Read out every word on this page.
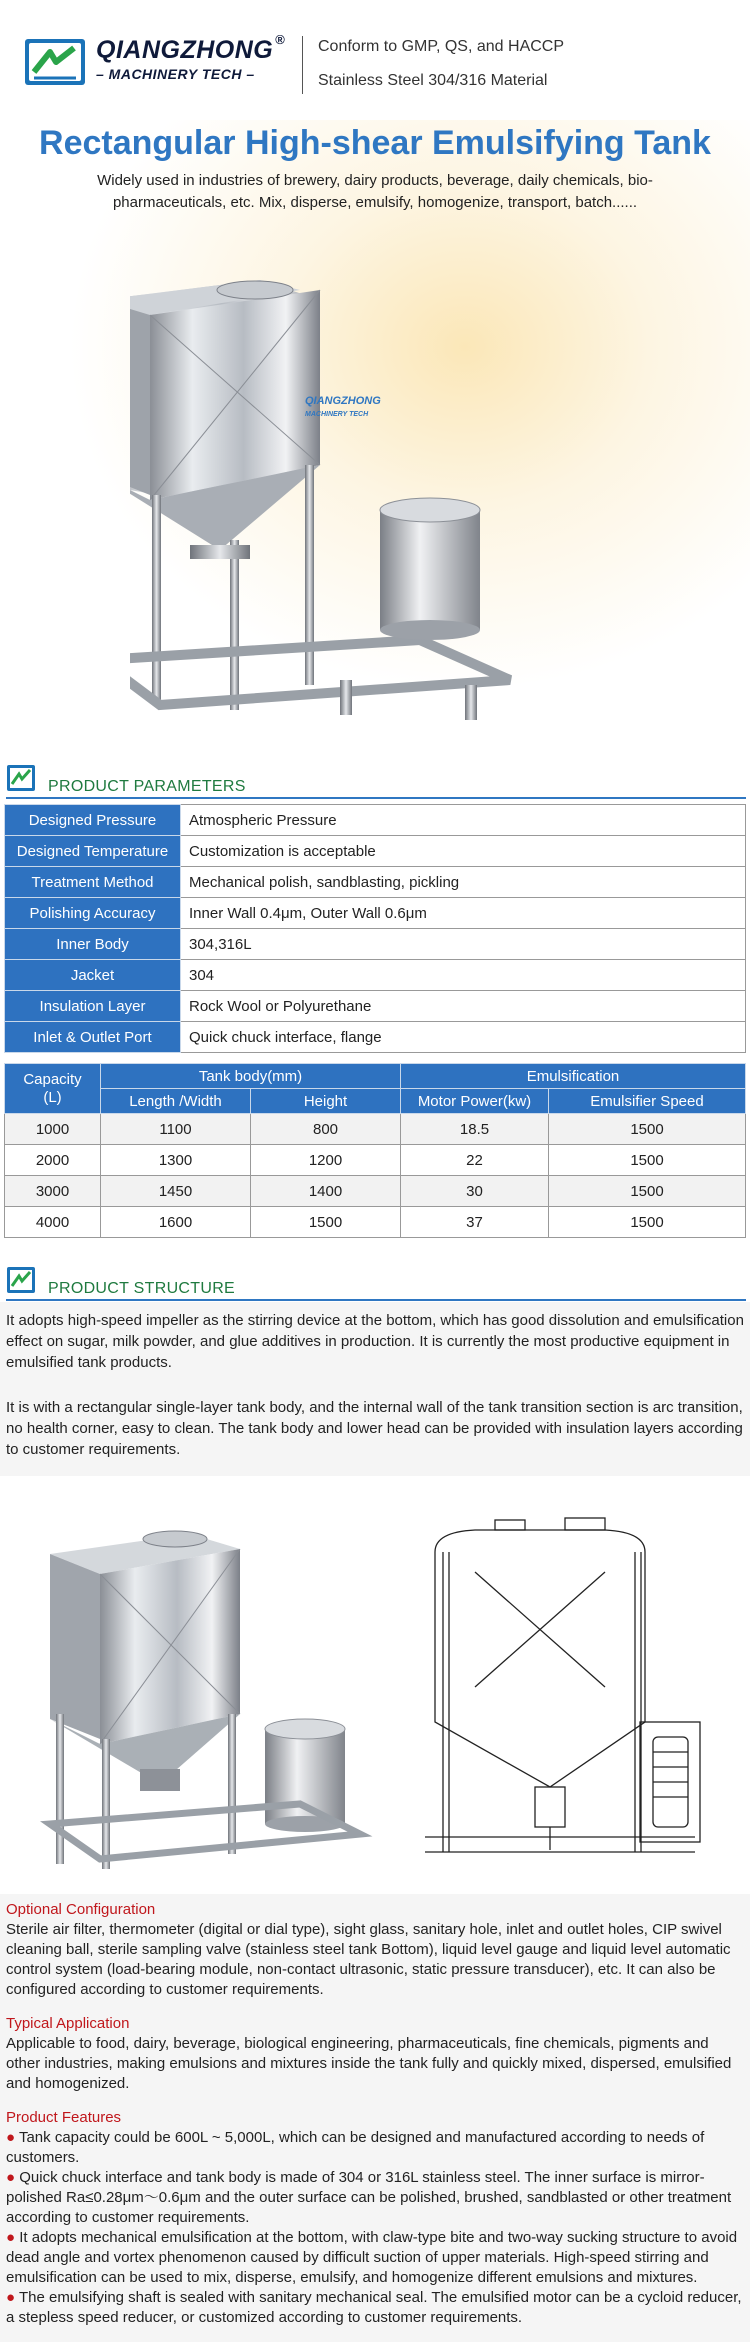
QIANGZHONG ®
– MACHINERY TECH –
Conform to GMP, QS, and HACCP
Stainless Steel 304/316 Material
Rectangular High-shear Emulsifying Tank
Widely used in industries of brewery, dairy products, beverage, daily chemicals, bio-pharmaceuticals, etc. Mix, disperse, emulsify, homogenize, transport, batch......
QIANGZHONG
MACHINERY TECH
PRODUCT PARAMETERS
Designed Pressure	Atmospheric Pressure
Designed Temperature	Customization is acceptable
Treatment Method	Mechanical polish, sandblasting, pickling
Polishing Accuracy	Inner Wall 0.4μm, Outer Wall 0.6μm
Inner Body	304,316L
Jacket	304
Insulation Layer	Rock Wool or Polyurethane
Inlet & Outlet Port	Quick chuck interface, flange
Capacity
(L)	Tank body(mm)		Emulsification	
	Length /Width	Height	Motor Power(kw)	Emulsifier Speed
1000	1100	800	18.5	1500
2000	1300	1200	22	1500
3000	1450	1400	30	1500
4000	1600	1500	37	1500
PRODUCT STRUCTURE

It adopts high-speed impeller as the stirring device at the bottom, which has good dissolution and emulsification effect on sugar, milk powder, and glue additives in production. It is currently the most productive equipment in emulsified tank products.

It is with a rectangular single-layer tank body, and the internal wall of the tank transition section is arc transition, no health corner, easy to clean. The tank body and lower head can be provided with insulation layers according to customer requirements.

Optional Configuration
Sterile air filter, thermometer (digital or dial type), sight glass, sanitary hole, inlet and outlet holes, CIP swivel cleaning ball, sterile sampling valve (stainless steel tank Bottom), liquid level gauge and liquid level automatic control system (load-bearing module, non-contact ultrasonic, static pressure transducer), etc. It can also be configured according to customer requirements.
Typical Application
Applicable to food, dairy, beverage, biological engineering, pharmaceuticals, fine chemicals, pigments and other industries, making emulsions and mixtures inside the tank fully and quickly mixed, dispersed, emulsified and homogenized.
Product Features
● Tank capacity could be 600L ~ 5,000L, which can be designed and manufactured according to needs of customers.
● Quick chuck interface and tank body is made of 304 or 316L stainless steel. The inner surface is mirror-polished Ra≤0.28μm～0.6μm and the outer surface can be polished, brushed, sandblasted or other treatment according to customer requirements.
● It adopts mechanical emulsification at the bottom, with claw-type bite and two-way sucking structure to avoid dead angle and vortex phenomenon caused by difficult suction of upper materials. High-speed stirring and emulsification can be used to mix, disperse, emulsify, and homogenize different emulsions and mixtures.
● The emulsifying shaft is sealed with sanitary mechanical seal. The emulsified motor can be a cycloid reducer, a stepless speed reducer, or customized according to customer requirements.
